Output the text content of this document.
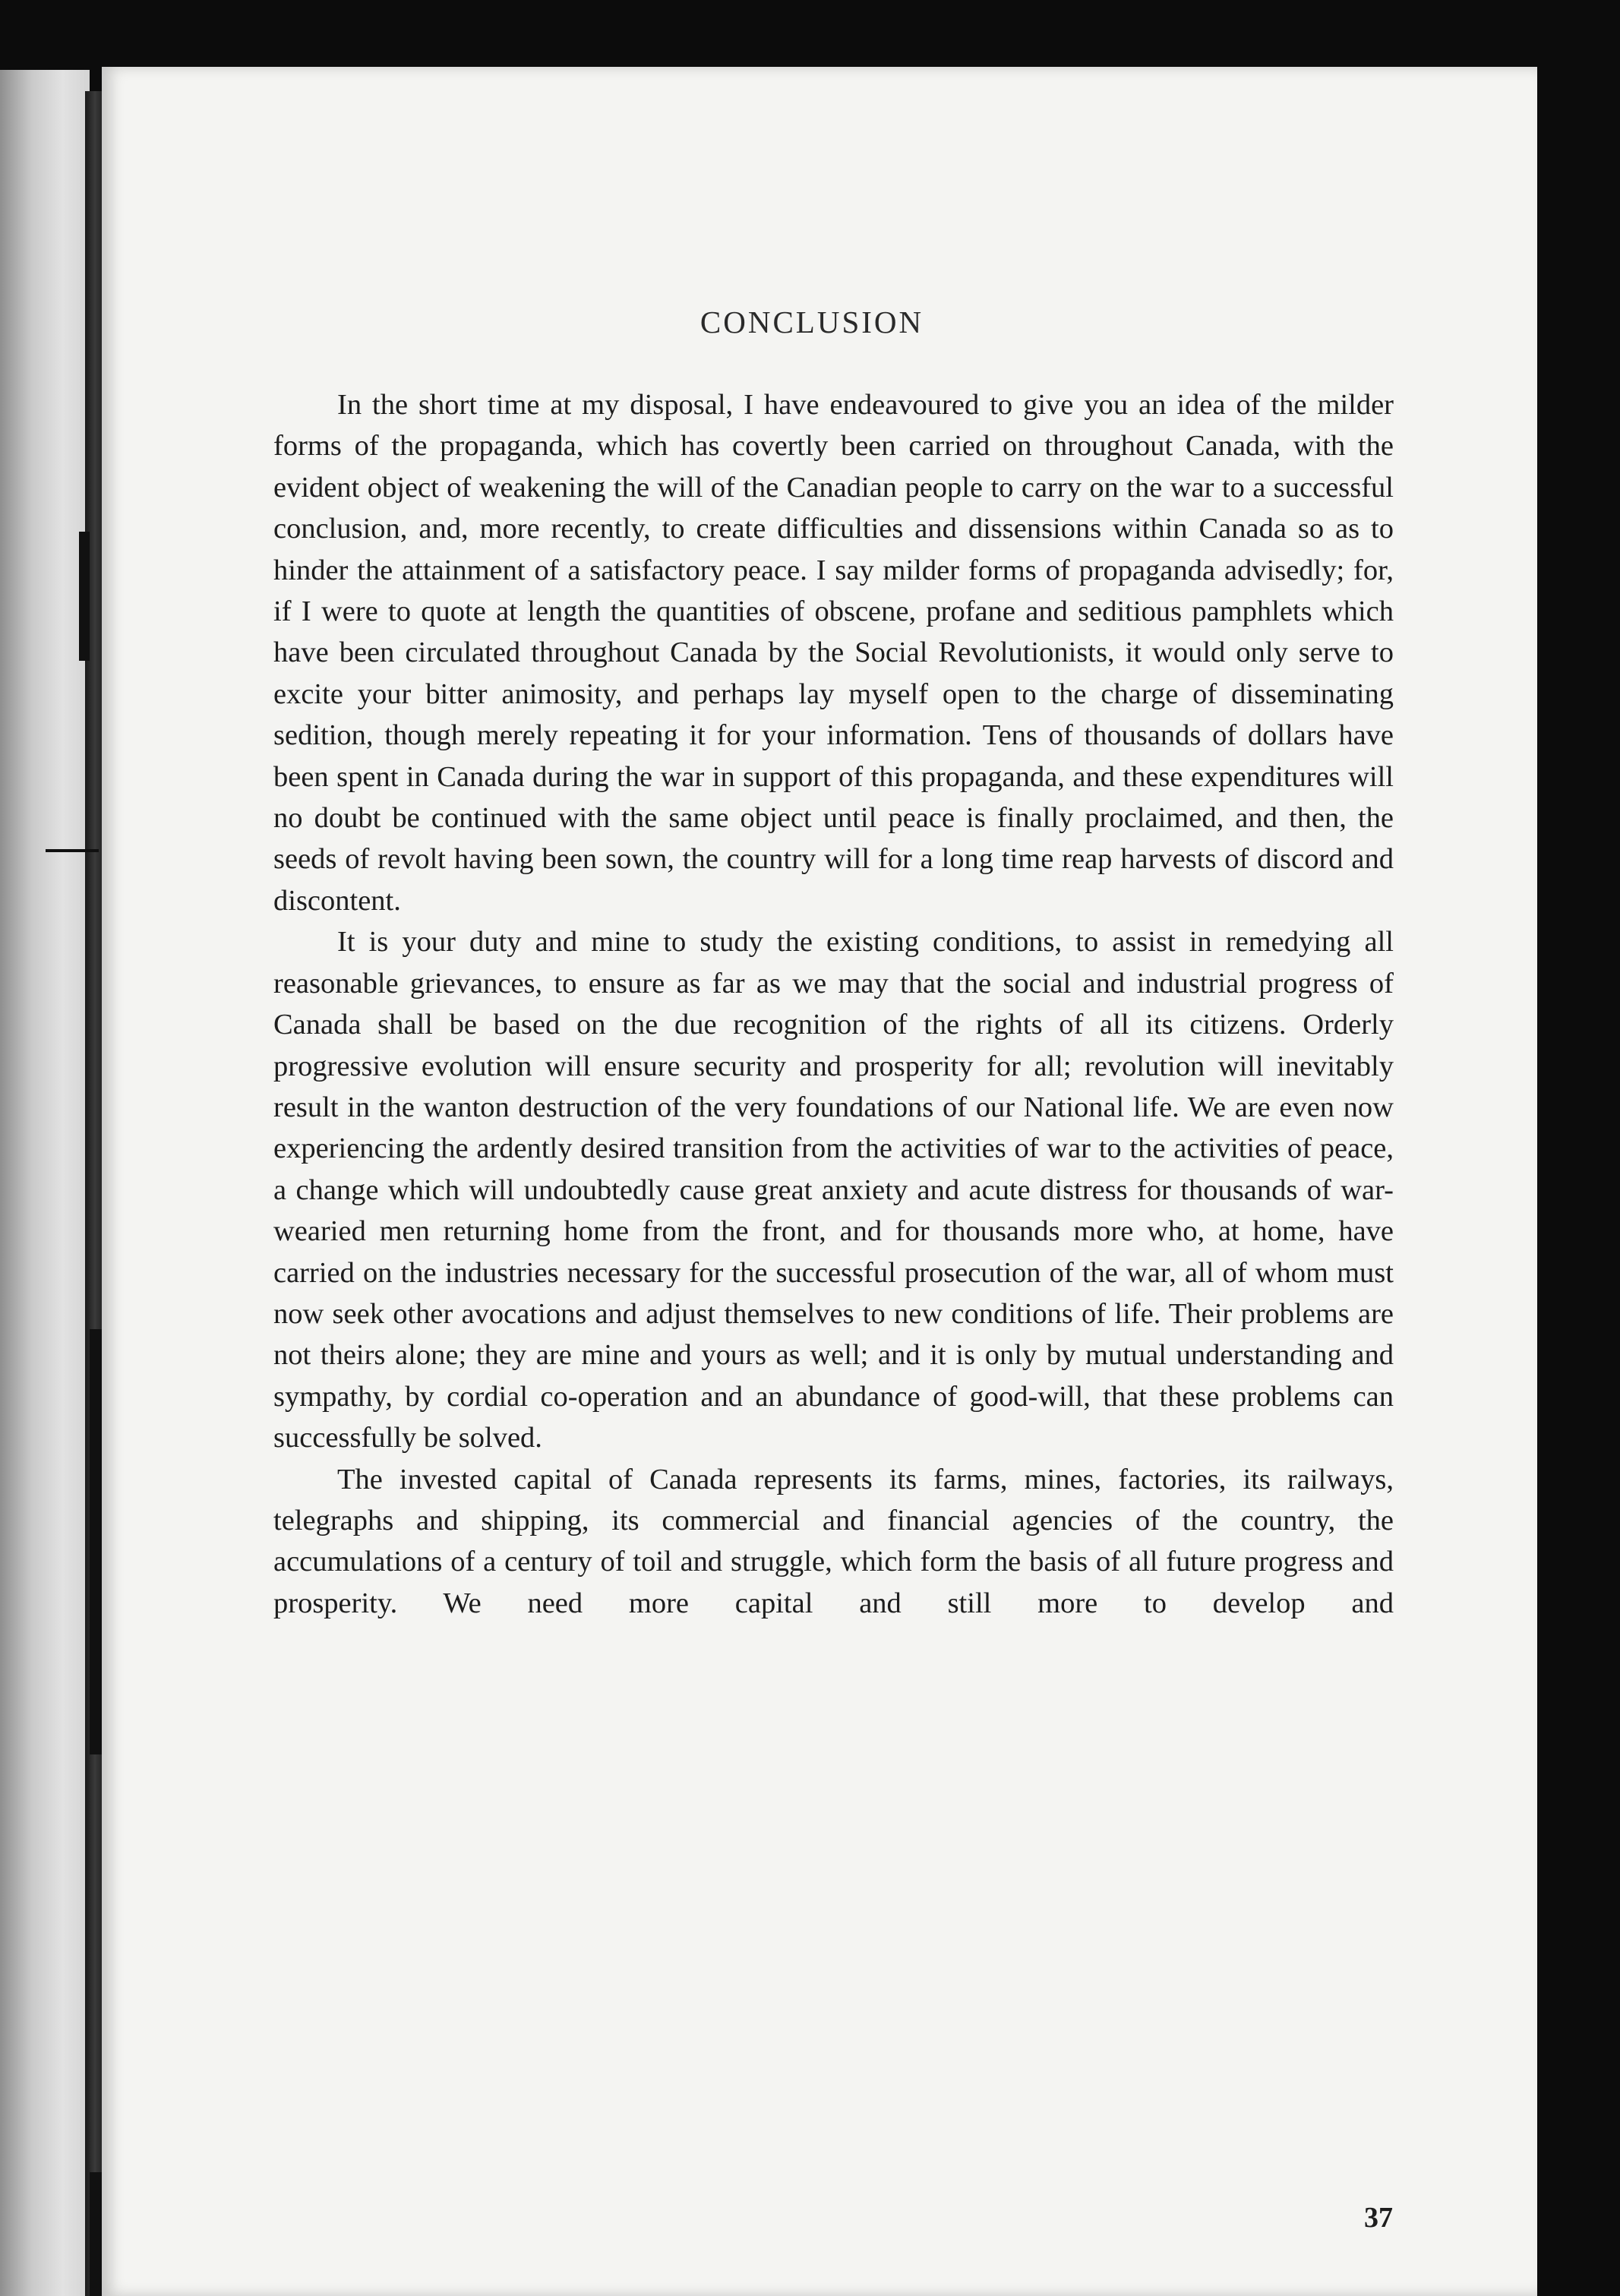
CONCLUSION

In the short time at my disposal, I have endeavoured to give you an idea of the milder forms of the propaganda, which has covertly been carried on throughout Canada, with the evident object of weakening the will of the Canadian people to carry on the war to a successful conclusion, and, more recently, to create difficulties and dissensions within Canada so as to hinder the attainment of a satisfactory peace. I say milder forms of propaganda advisedly; for, if I were to quote at length the quantities of obscene, profane and seditious pamphlets which have been circulated throughout Canada by the Social Revolutionists, it would only serve to excite your bitter animosity, and perhaps lay myself open to the charge of disseminating sedition, though merely repeating it for your information. Tens of thousands of dollars have been spent in Canada during the war in support of this propaganda, and these expenditures will no doubt be continued with the same object until peace is finally proclaimed, and then, the seeds of revolt having been sown, the country will for a long time reap harvests of discord and discontent.

It is your duty and mine to study the existing conditions, to assist in remedying all reasonable grievances, to ensure as far as we may that the social and industrial progress of Canada shall be based on the due recognition of the rights of all its citizens. Orderly progressive evolution will ensure security and prosperity for all; revolution will inevitably result in the wanton destruction of the very foundations of our National life. We are even now experiencing the ardently desired transition from the activities of war to the activities of peace, a change which will undoubtedly cause great anxiety and acute distress for thousands of war-wearied men returning home from the front, and for thousands more who, at home, have carried on the industries necessary for the successful prosecution of the war, all of whom must now seek other avocations and adjust themselves to new conditions of life. Their problems are not theirs alone; they are mine and yours as well; and it is only by mutual understanding and sympathy, by cordial co-operation and an abundance of good-will, that these problems can successfully be solved.

The invested capital of Canada represents its farms, mines, factories, its railways, telegraphs and shipping, its commercial and financial agencies of the country, the accumulations of a century of toil and struggle, which form the basis of all future progress and prosperity. We need more capital and still more to develop and

37
